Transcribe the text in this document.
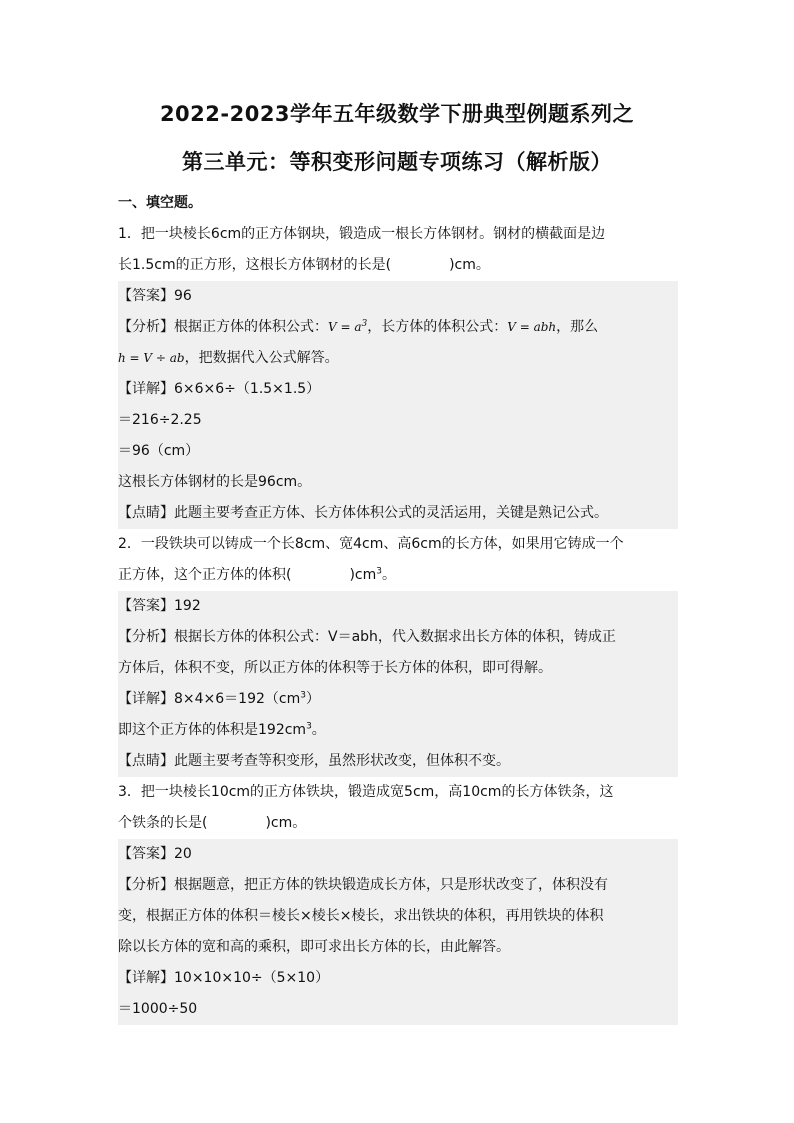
2022-2023学年五年级数学下册典型例题系列之
第三单元：等积变形问题专项练习（解析版）
一、填空题。
1．把一块棱长6cm的正方体钢块，锻造成一根长方体钢材。钢材的横截面是边
长1.5cm的正方形，这根长方体钢材的长是(	)cm。
【答案】96
【分析】根据正方体的体积公式：$V = a^3$，长方体的体积公式：V = abh，那么
h = V ÷ ab，把数据代入公式解答。
【详解】6×6×6÷（1.5×1.5）
＝216÷2.25
＝96（cm）
这根长方体钢材的长是96cm。
【点睛】此题主要考查正方体、长方体体积公式的灵活运用，关键是熟记公式。
2．一段铁块可以铸成一个长8cm、宽4cm、高6cm的长方体，如果用它铸成一个
正方体，这个正方体的体积(	)$cm^3$。
【答案】192
【分析】根据长方体的体积公式：V＝abh，代入数据求出长方体的体积，铸成正
方体后，体积不变，所以正方体的体积等于长方体的体积，即可得解。
【详解】$8\times 4\times 6=192(cm^3)$
即这个正方体的体积是$192cm^3$。
【点睛】此题主要考查等积变形，虽然形状改变，但体积不变。
3．把一块棱长10cm的正方体铁块，锻造成宽5cm，高10cm的长方体铁条，这
个铁条的长是(	)cm。
【答案】20
【分析】根据题意，把正方体的铁块锻造成长方体，只是形状改变了，体积没有
变，根据正方体的体积＝棱长×棱长×棱长，求出铁块的体积，再用铁块的体积
除以长方体的宽和高的乘积，即可求出长方体的长，由此解答。
【详解】10×10×10÷（5×10）
＝1000÷50
